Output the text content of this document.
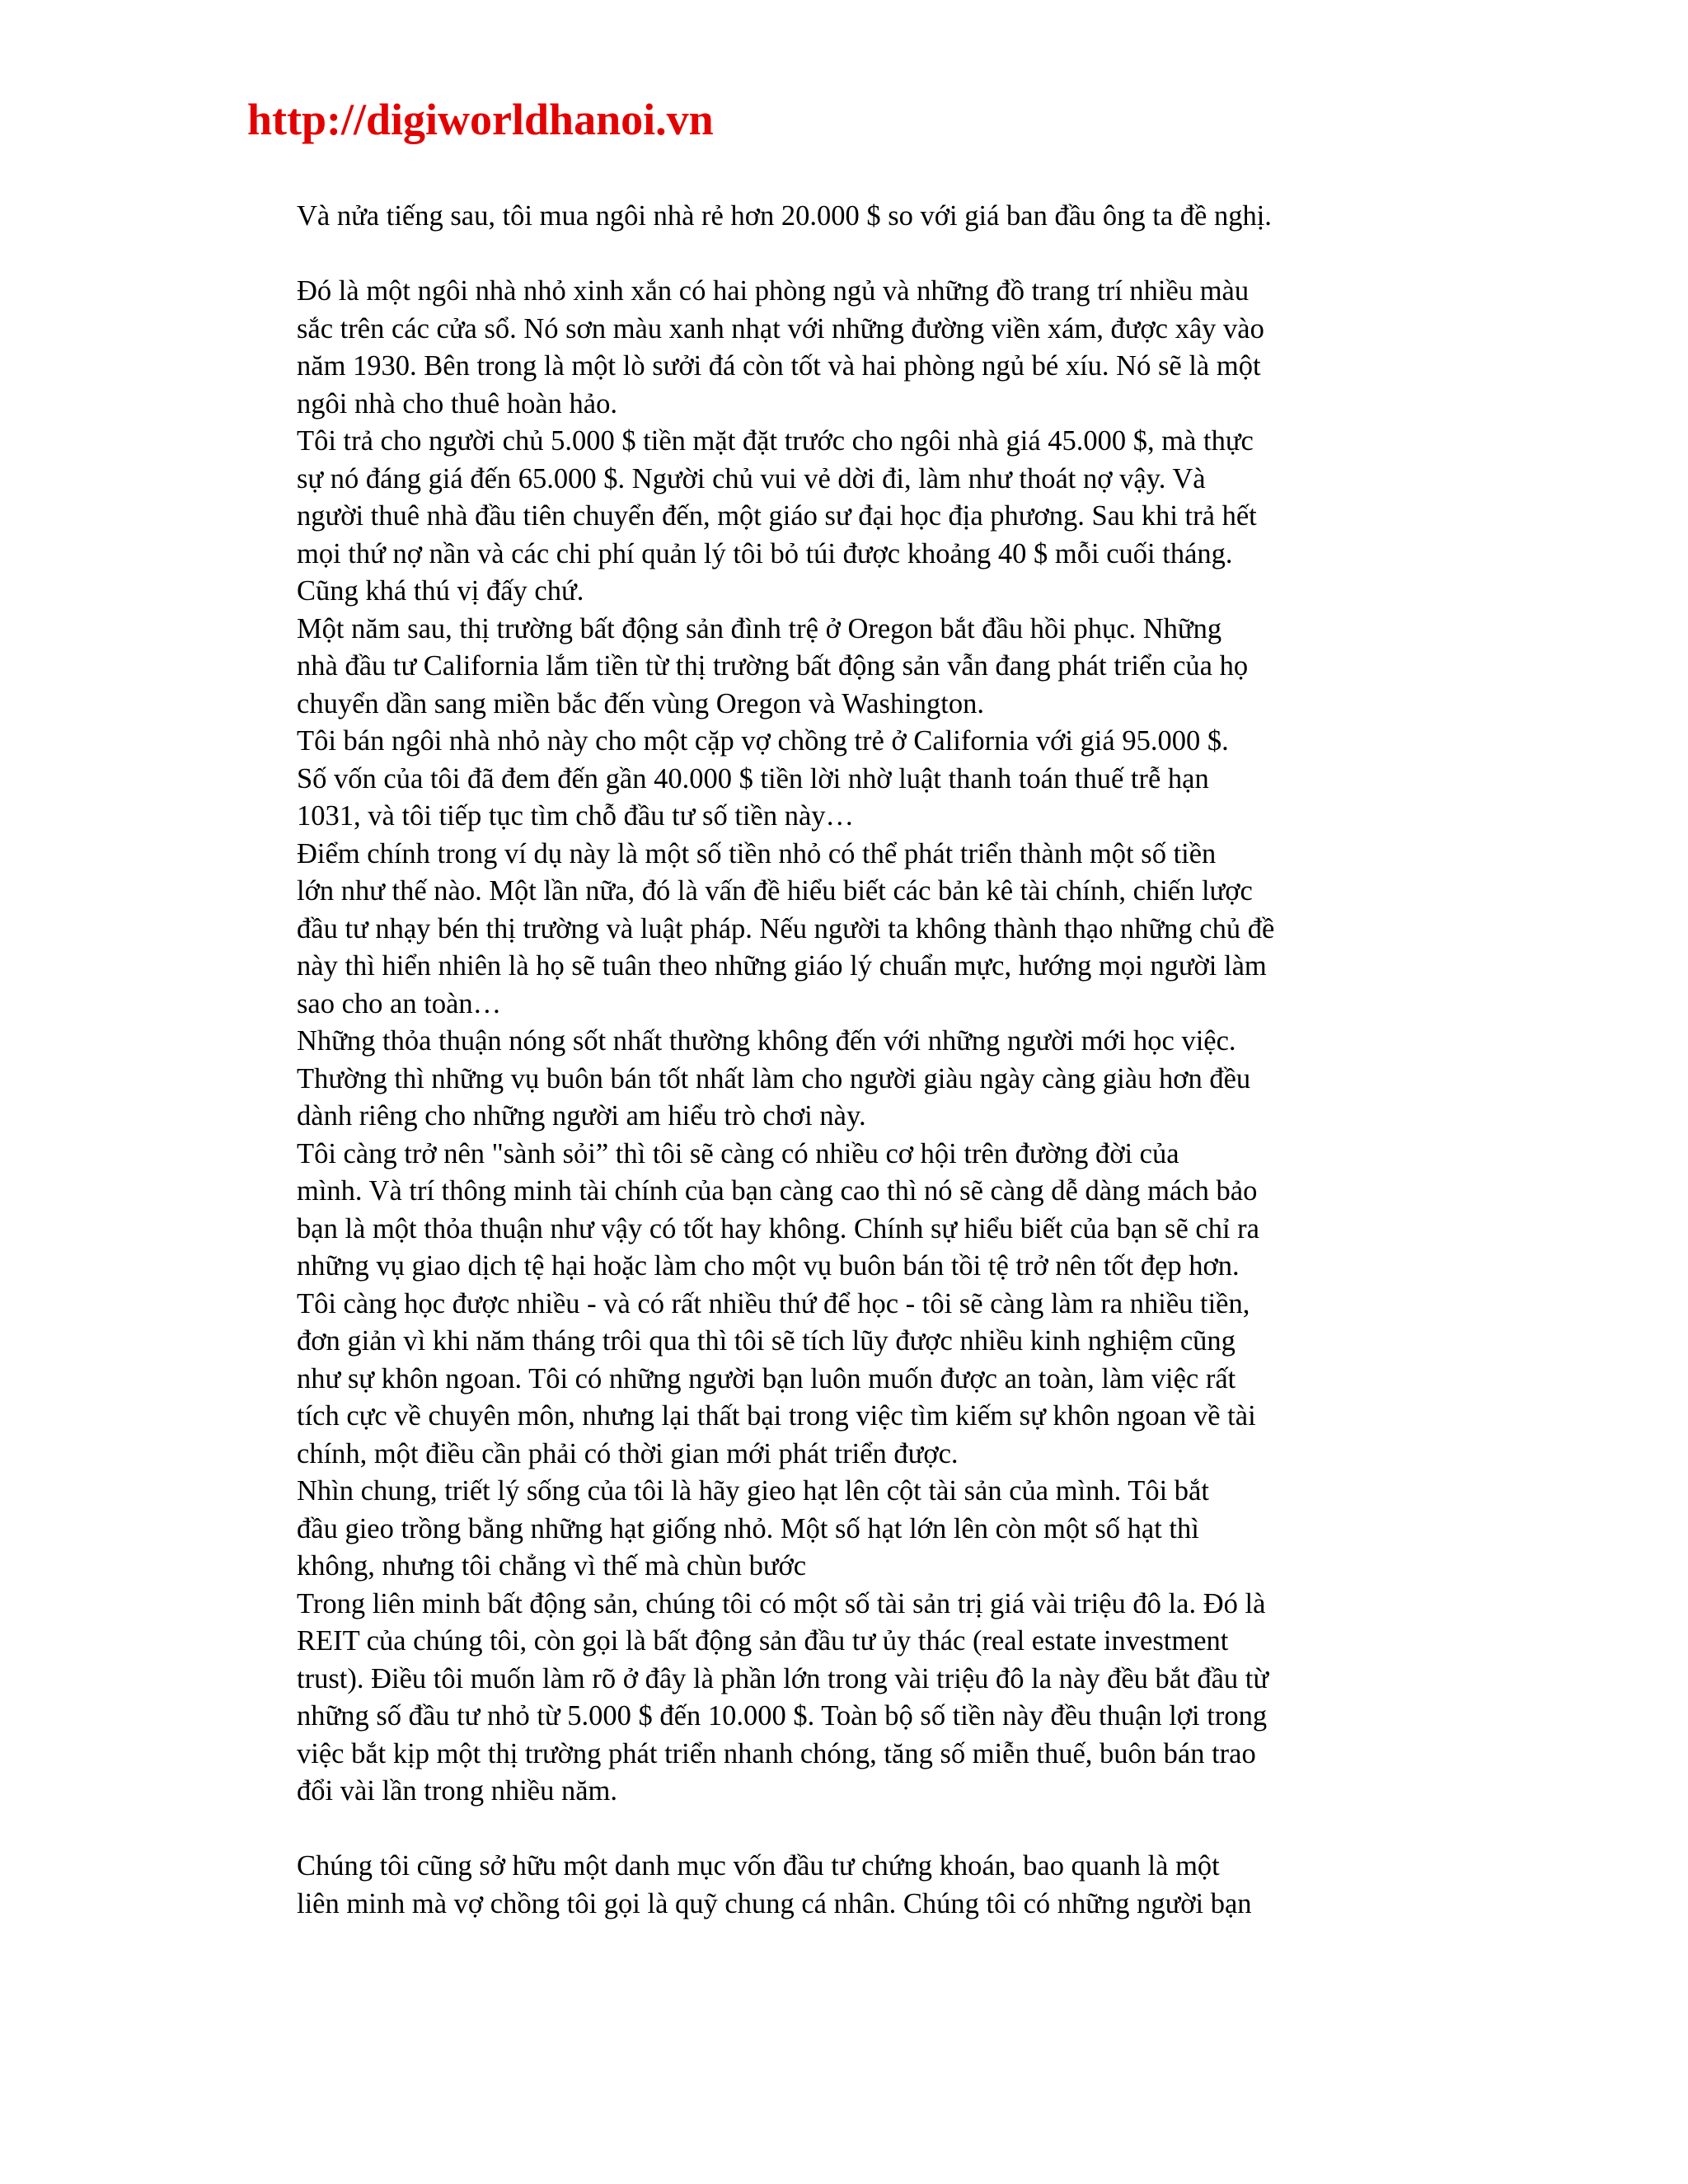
http://digiworldhanoi.vn
Và nửa tiếng sau, tôi mua ngôi nhà rẻ hơn 20.000 $ so với giá ban đầu ông ta đề nghị.
Đó là một ngôi nhà nhỏ xinh xắn có hai phòng ngủ và những đồ trang trí nhiều màu
sắc trên các cửa sổ. Nó sơn màu xanh nhạt với những đường viền xám, được xây vào
năm 1930. Bên trong là một lò sưởi đá còn tốt và hai phòng ngủ bé xíu. Nó sẽ là một
ngôi nhà cho thuê hoàn hảo.
Tôi trả cho người chủ 5.000 $ tiền mặt đặt trước cho ngôi nhà giá 45.000 $, mà thực
sự nó đáng giá đến 65.000 $. Người chủ vui vẻ dời đi, làm như thoát nợ vậy. Và
người thuê nhà đầu tiên chuyển đến, một giáo sư đại học địa phương. Sau khi trả hết
mọi thứ nợ nần và các chi phí quản lý tôi bỏ túi được khoảng 40 $ mỗi cuối tháng.
Cũng khá thú vị đấy chứ.
Một năm sau, thị trường bất động sản đình trệ ở Oregon bắt đầu hồi phục. Những
nhà đầu tư California lắm tiền từ thị trường bất động sản vẫn đang phát triển của họ
chuyển dần sang miền bắc đến vùng Oregon và Washington.
Tôi bán ngôi nhà nhỏ này cho một cặp vợ chồng trẻ ở California với giá 95.000 $.
Số vốn của tôi đã đem đến gần 40.000 $ tiền lời nhờ luật thanh toán thuế trễ hạn
1031, và tôi tiếp tục tìm chỗ đầu tư số tiền này…
Điểm chính trong ví dụ này là một số tiền nhỏ có thể phát triển thành một số tiền
lớn như thế nào. Một lần nữa, đó là vấn đề hiểu biết các bản kê tài chính, chiến lược
đầu tư nhạy bén thị trường và luật pháp. Nếu người ta không thành thạo những chủ đề
này thì hiển nhiên là họ sẽ tuân theo những giáo lý chuẩn mực, hướng mọi người làm
sao cho an toàn…
Những thỏa thuận nóng sốt nhất thường không đến với những người mới học việc.
Thường thì những vụ buôn bán tốt nhất làm cho người giàu ngày càng giàu hơn đều
dành riêng cho những người am hiểu trò chơi này.
Tôi càng trở nên "sành sỏi” thì tôi sẽ càng có nhiều cơ hội trên đường đời của
mình. Và trí thông minh tài chính của bạn càng cao thì nó sẽ càng dễ dàng mách bảo
bạn là một thỏa thuận như vậy có tốt hay không. Chính sự hiểu biết của bạn sẽ chỉ ra
những vụ giao dịch tệ hại hoặc làm cho một vụ buôn bán tồi tệ trở nên tốt đẹp hơn.
Tôi càng học được nhiều - và có rất nhiều thứ để học - tôi sẽ càng làm ra nhiều tiền,
đơn giản vì khi năm tháng trôi qua thì tôi sẽ tích lũy được nhiều kinh nghiệm cũng
như sự khôn ngoan. Tôi có những người bạn luôn muốn được an toàn, làm việc rất
tích cực về chuyên môn, nhưng lại thất bại trong việc tìm kiếm sự khôn ngoan về tài
chính, một điều cần phải có thời gian mới phát triển được.
Nhìn chung, triết lý sống của tôi là hãy gieo hạt lên cột tài sản của mình. Tôi bắt
đầu gieo trồng bằng những hạt giống nhỏ. Một số hạt lớn lên còn một số hạt thì
không, nhưng tôi chẳng vì thế mà chùn bước
Trong liên minh bất động sản, chúng tôi có một số tài sản trị giá vài triệu đô la. Đó là
REIT của chúng tôi, còn gọi là bất động sản đầu tư ủy thác (real estate investment
trust). Điều tôi muốn làm rõ ở đây là phần lớn trong vài triệu đô la này đều bắt đầu từ
những số đầu tư nhỏ từ 5.000 $ đến 10.000 $. Toàn bộ số tiền này đều thuận lợi trong
việc bắt kịp một thị trường phát triển nhanh chóng, tăng số miễn thuế, buôn bán trao
đổi vài lần trong nhiều năm.
Chúng tôi cũng sở hữu một danh mục vốn đầu tư chứng khoán, bao quanh là một
liên minh mà vợ chồng tôi gọi là quỹ chung cá nhân. Chúng tôi có những người bạn
